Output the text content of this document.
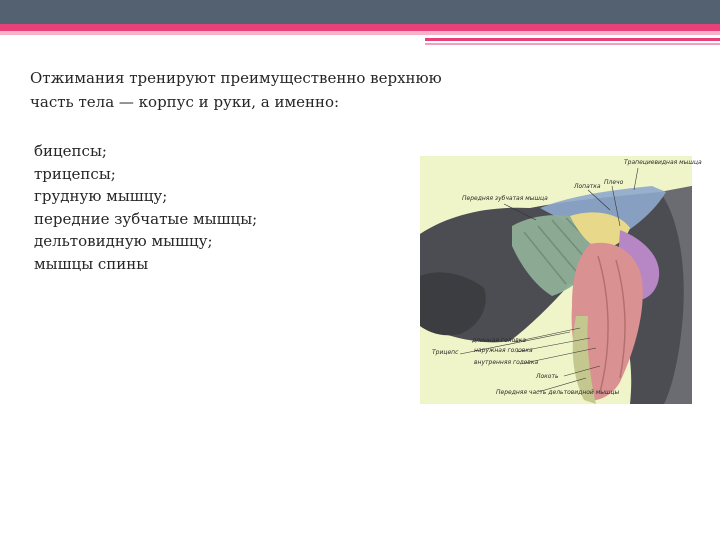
Отжимания тренируют преимущественно верхнюю часть тела — корпус и руки, а именно:

бицепсы;
трицепсы;
грудную мышцу;
передние зубчатые мышцы;
дельтовидную мышцу;
мышцы спины
Трапециевидная мышца
Передняя зубчатая мышца
Лопатка
Плечо
Трицепс
длинная головка
наружная головка
внутренняя головка
Локоть
Передняя часть дельтовидной мышцы
